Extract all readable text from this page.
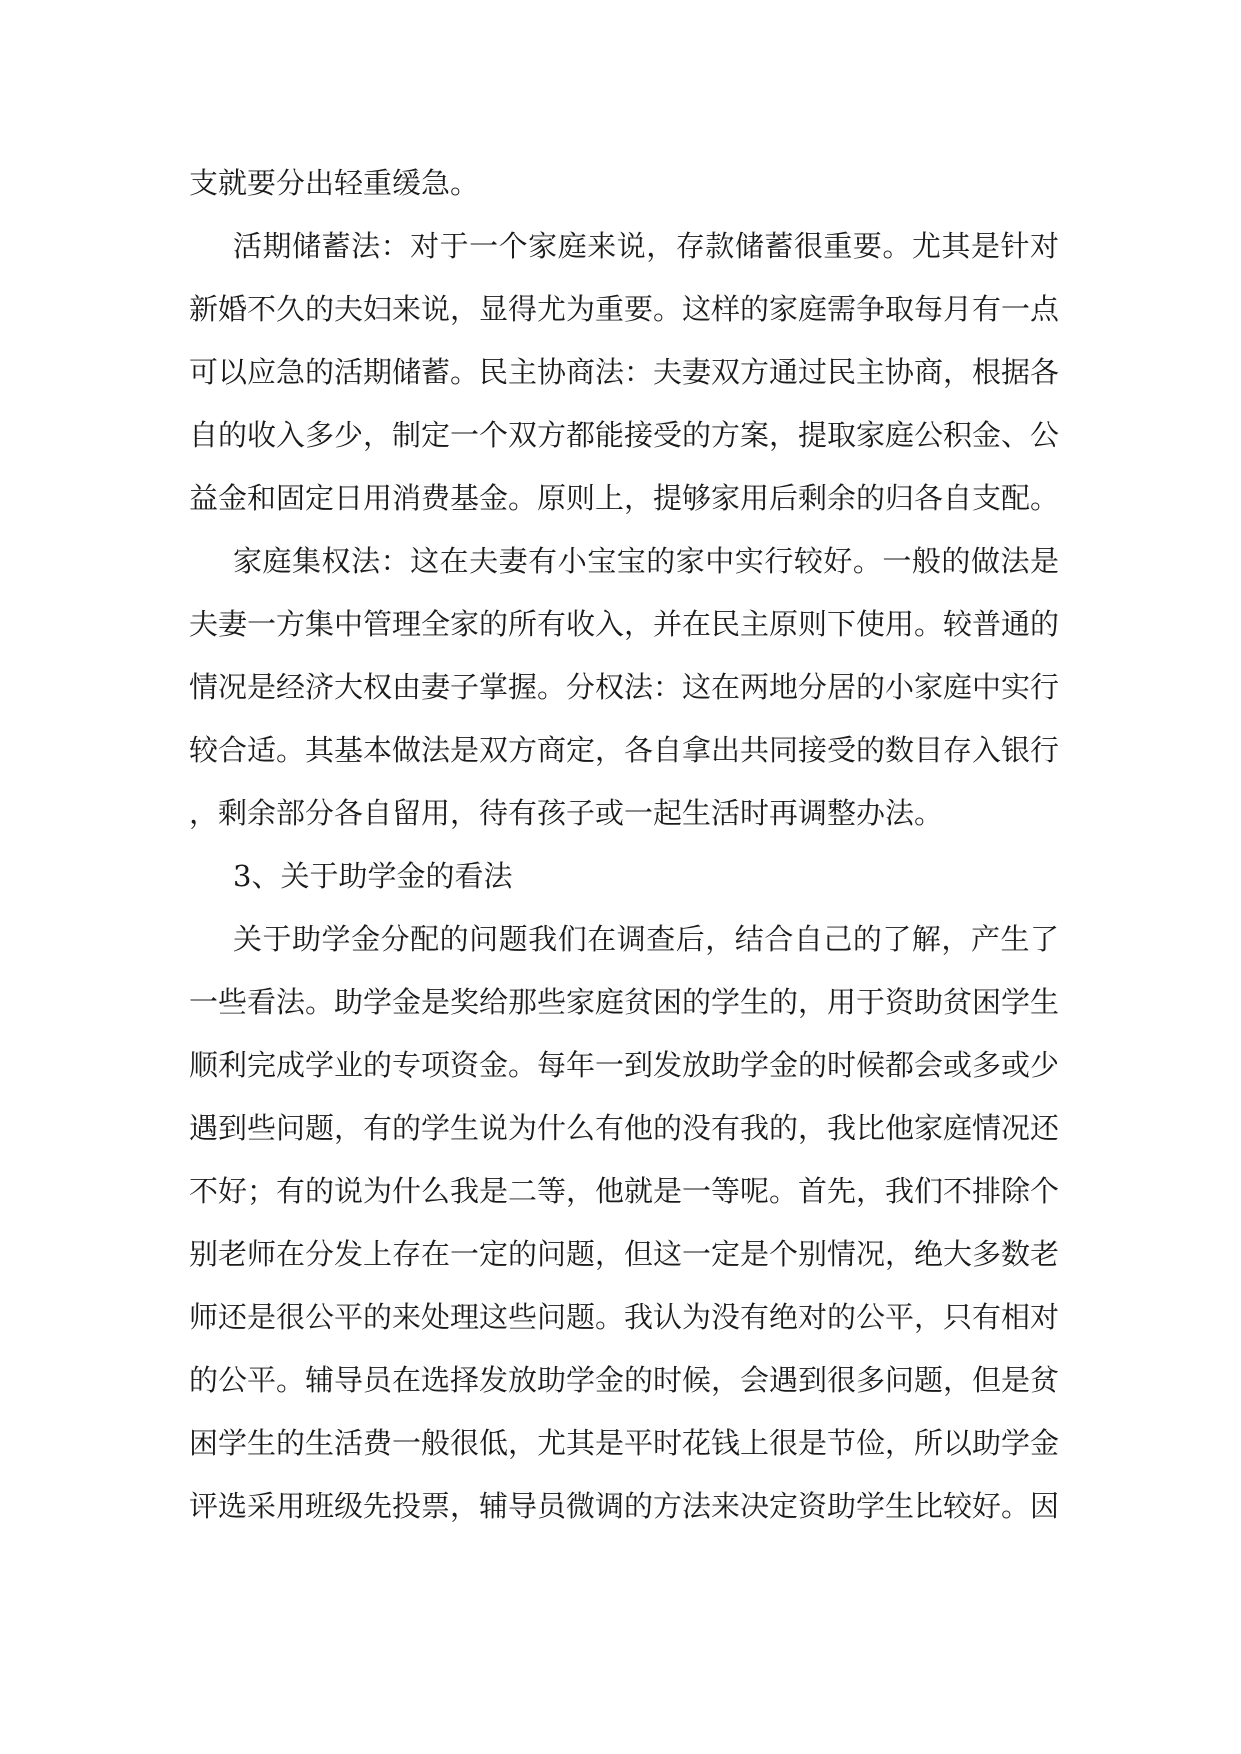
支就要分出轻重缓急。

活期储蓄法：对于一个家庭来说，存款储蓄很重要。尤其是针对新婚不久的夫妇来说，显得尤为重要。这样的家庭需争取每月有一点可以应急的活期储蓄。民主协商法：夫妻双方通过民主协商，根据各自的收入多少，制定一个双方都能接受的方案，提取家庭公积金、公益金和固定日用消费基金。原则上，提够家用后剩余的归各自支配。

家庭集权法：这在夫妻有小宝宝的家中实行较好。一般的做法是夫妻一方集中管理全家的所有收入，并在民主原则下使用。较普通的情况是经济大权由妻子掌握。分权法：这在两地分居的小家庭中实行较合适。其基本做法是双方商定，各自拿出共同接受的数目存入银行，剩余部分各自留用，待有孩子或一起生活时再调整办法。

3、关于助学金的看法

关于助学金分配的问题我们在调查后，结合自己的了解，产生了一些看法。助学金是奖给那些家庭贫困的学生的，用于资助贫困学生顺利完成学业的专项资金。每年一到发放助学金的时候都会或多或少遇到些问题，有的学生说为什么有他的没有我的，我比他家庭情况还不好；有的说为什么我是二等，他就是一等呢。首先，我们不排除个别老师在分发上存在一定的问题，但这一定是个别情况，绝大多数老师还是很公平的来处理这些问题。我认为没有绝对的公平，只有相对的公平。辅导员在选择发放助学金的时候，会遇到很多问题，但是贫困学生的生活费一般很低，尤其是平时花钱上很是节俭，所以助学金评选采用班级先投票，辅导员微调的方法来决定资助学生比较好。因
